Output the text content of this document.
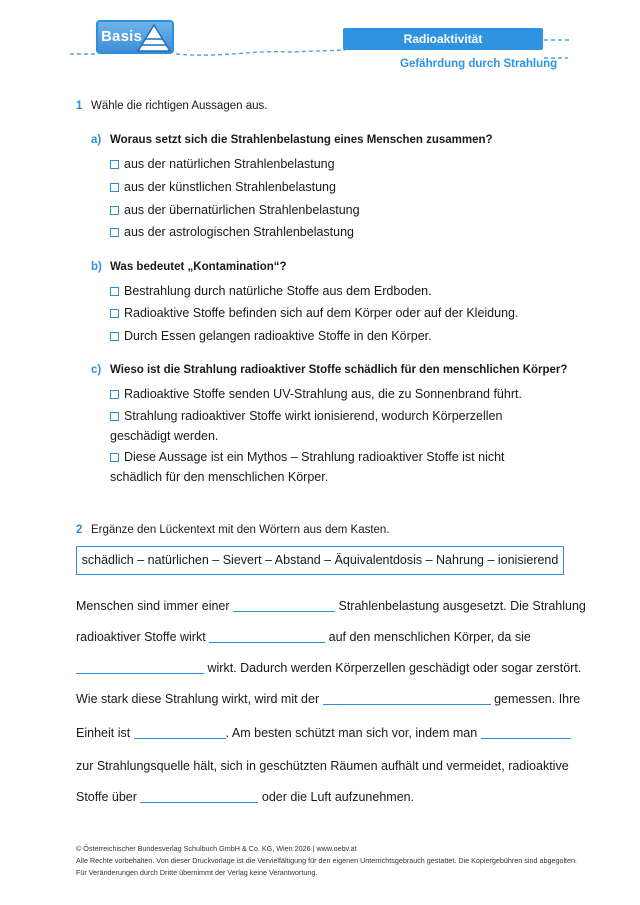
Basis	Radioaktivität
Gefährdung durch Strahlung
1 Wähle die richtigen Aussagen aus.
a) Woraus setzt sich die Strahlenbelastung eines Menschen zusammen?
aus der natürlichen Strahlenbelastung
aus der künstlichen Strahlenbelastung
aus der übernatürlichen Strahlenbelastung
aus der astrologischen Strahlenbelastung
b) Was bedeutet „Kontamination“?
Bestrahlung durch natürliche Stoffe aus dem Erdboden.
Radioaktive Stoffe befinden sich auf dem Körper oder auf der Kleidung.
Durch Essen gelangen radioaktive Stoffe in den Körper.
c) Wieso ist die Strahlung radioaktiver Stoffe schädlich für den menschlichen Körper?
Radioaktive Stoffe senden UV-Strahlung aus, die zu Sonnenbrand führt.
Strahlung radioaktiver Stoffe wirkt ionisierend, wodurch Körperzellen geschädigt werden.
Diese Aussage ist ein Mythos – Strahlung radioaktiver Stoffe ist nicht schädlich für den menschlichen Körper.
2 Ergänze den Lückentext mit den Wörtern aus dem Kasten.
schädlich – natürlichen – Sievert – Abstand – Äquivalentdosis – Nahrung – ionisierend
Menschen sind immer einer	Strahlenbelastung ausgesetzt. Die Strahlung
radioaktiver Stoffe wirkt	auf den menschlichen Körper, da sie
wirkt. Dadurch werden Körperzellen geschädigt oder sogar zerstört.
Wie stark diese Strahlung wirkt, wird mit der	gemessen. Ihre
Einheit ist	. Am besten schützt man sich vor, indem man
zur Strahlungsquelle hält, sich in geschützten Räumen aufhält und vermeidet, radioaktive
Stoffe über	oder die Luft aufzunehmen.
© Österreichischer Bundesverlag Schulbuch GmbH & Co. KG, Wien 2026 | www.oebv.at
Alle Rechte vorbehalten. Von dieser Druckvorlage ist die Vervielfältigung für den eigenen Unterrichtsgebrauch gestattet. Die Kopiergebühren sind abgegolten.
Für Veränderungen durch Dritte übernimmt der Verlag keine Verantwortung.
